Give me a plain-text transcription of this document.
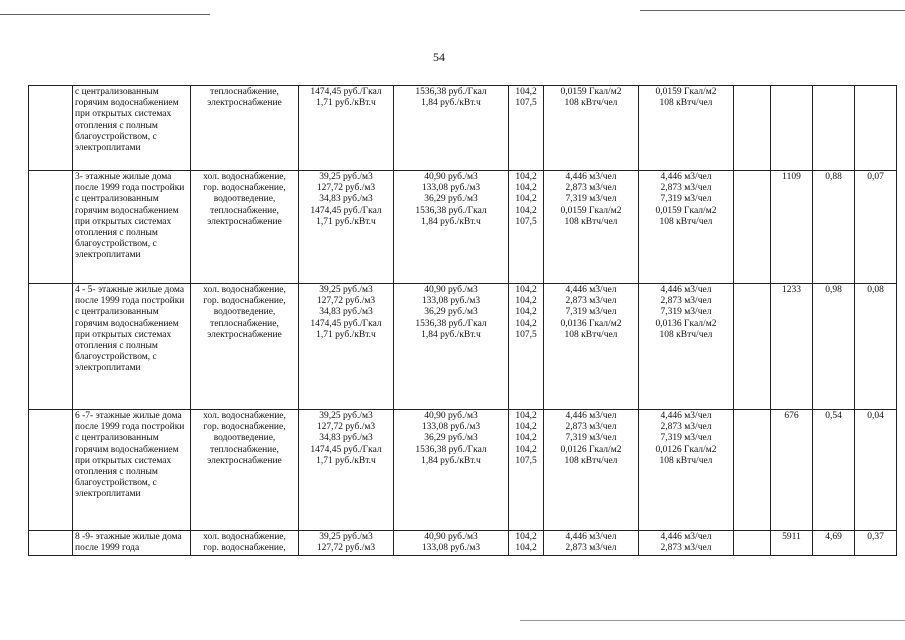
54

	с централизованным горячим водоснабжением при открытых системах отопления с полным благоустройством, с электроплитами	теплоснабжение,
электроснабжение	1474,45 руб./Гкал
1,71 руб./кВт.ч	1536,38 руб./Гкал
1,84 руб./кВт.ч	104,2
107,5	0,0159 Гкал/м2
108 кВтч/чел	0,0159 Гкал/м2
108 кВтч/чел				

	3- этажные жилые дома после 1999 года постройки с централизованным горячим водоснабжением при открытых системах отопления с полным благоустройством, с электроплитами	хол. водоснабжение,
гор. водоснабжение,
водоотведение,
теплоснабжение,
электроснабжение	39,25 руб./м3
127,72 руб./м3
34,83 руб./м3
1474,45 руб./Гкал
1,71 руб./кВт.ч	40,90 руб./м3
133,08 руб./м3
36,29 руб./м3
1536,38 руб./Гкал
1,84 руб./кВт.ч	104,2
104,2
104,2
104,2
107,5	4,446 м3/чел
2,873 м3/чел
7,319 м3/чел
0,0159 Гкал/м2
108 кВтч/чел	4,446 м3/чел
2,873 м3/чел
7,319 м3/чел
0,0159 Гкал/м2
108 кВтч/чел		1109	0,88	0,07

	4 - 5- этажные жилые дома после 1999 года постройки с централизованным горячим водоснабжением при открытых системах отопления с полным благоустройством, с электроплитами	хол. водоснабжение,
гор. водоснабжение,
водоотведение,
теплоснабжение,
электроснабжение	39,25 руб./м3
127,72 руб./м3
34,83 руб./м3
1474,45 руб./Гкал
1,71 руб./кВт.ч	40,90 руб./м3
133,08 руб./м3
36,29 руб./м3
1536,38 руб./Гкал
1,84 руб./кВт.ч	104,2
104,2
104,2
104,2
107,5	4,446 м3/чел
2,873 м3/чел
7,319 м3/чел
0,0136 Гкал/м2
108 кВтч/чел	4,446 м3/чел
2,873 м3/чел
7,319 м3/чел
0,0136 Гкал/м2
108 кВтч/чел		1233	0,98	0,08

	6 -7- этажные жилые дома после 1999 года постройки с централизованным горячим водоснабжением при открытых системах отопления с полным благоустройством, с электроплитами	хол. водоснабжение,
гор. водоснабжение,
водоотведение,
теплоснабжение,
электроснабжение	39,25 руб./м3
127,72 руб./м3
34,83 руб./м3
1474,45 руб./Гкал
1,71 руб./кВт.ч	40,90 руб./м3
133,08 руб./м3
36,29 руб./м3
1536,38 руб./Гкал
1,84 руб./кВт.ч	104,2
104,2
104,2
104,2
107,5	4,446 м3/чел
2,873 м3/чел
7,319 м3/чел
0,0126 Гкал/м2
108 кВтч/чел	4,446 м3/чел
2,873 м3/чел
7,319 м3/чел
0,0126 Гкал/м2
108 кВтч/чел		676	0,54	0,04

	8 -9- этажные жилые дома после 1999 года	хол. водоснабжение,
гор. водоснабжение,	39,25 руб./м3
127,72 руб./м3	40,90 руб./м3
133,08 руб./м3	104,2
104,2	4,446 м3/чел
2,873 м3/чел	4,446 м3/чел
2,873 м3/чел		5911	4,69	0,37
